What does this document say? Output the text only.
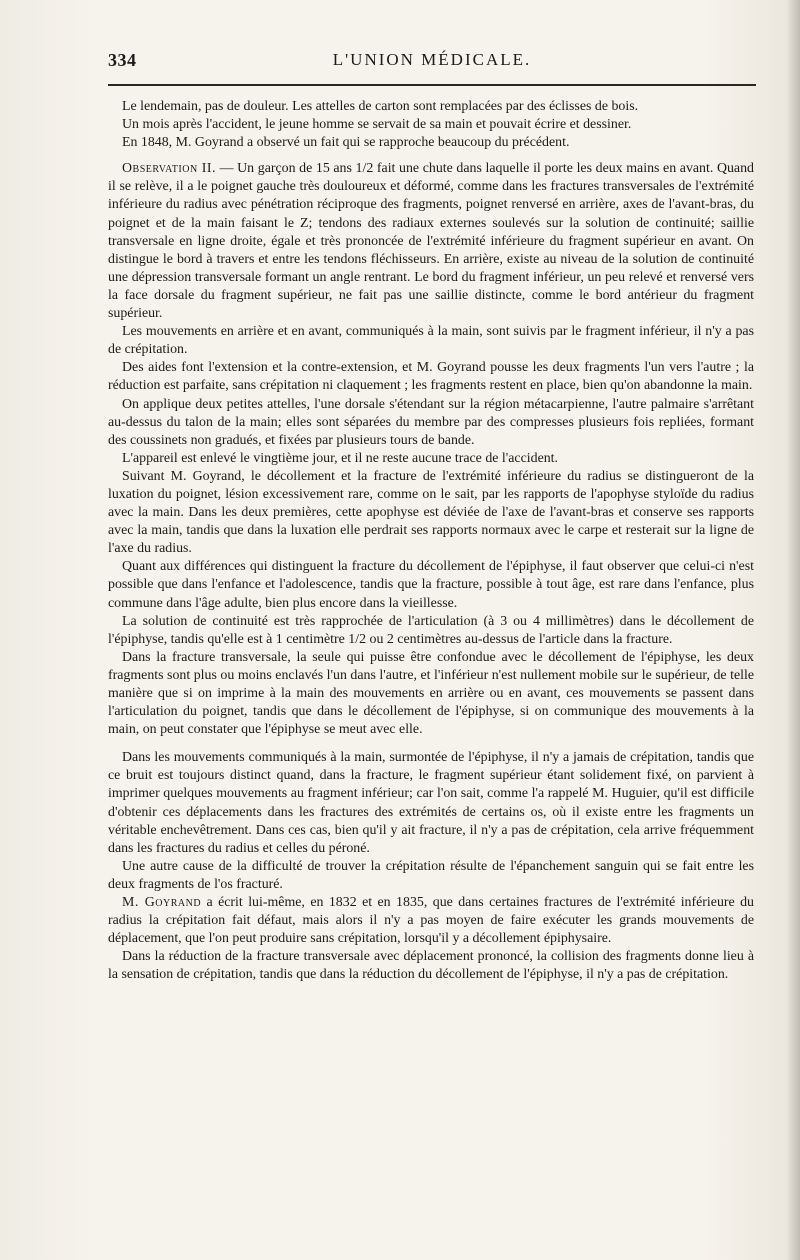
334	L'UNION MÉDICALE.

Le lendemain, pas de douleur. Les attelles de carton sont remplacées par des éclisses de bois.

Un mois après l'accident, le jeune homme se servait de sa main et pouvait écrire et dessiner.

En 1848, M. Goyrand a observé un fait qui se rapproche beaucoup du précédent.

Observation II. — Un garçon de 15 ans 1/2 fait une chute dans laquelle il porte les deux mains en avant. Quand il se relève, il a le poignet gauche très douloureux et déformé, comme dans les fractures transversales de l'extrémité inférieure du radius avec pénétration réciproque des fragments, poignet renversé en arrière, axes de l'avant-bras, du poignet et de la main faisant le Z; tendons des radiaux externes soulevés sur la solution de continuité; saillie transversale en ligne droite, égale et très prononcée de l'extrémité inférieure du fragment supérieur en avant. On distingue le bord à travers et entre les tendons fléchisseurs. En arrière, existe au niveau de la solution de continuité une dépression transversale formant un angle rentrant. Le bord du fragment inférieur, un peu relevé et renversé vers la face dorsale du fragment supérieur, ne fait pas une saillie distincte, comme le bord antérieur du fragment supérieur.

Les mouvements en arrière et en avant, communiqués à la main, sont suivis par le fragment inférieur, il n'y a pas de crépitation.

Des aides font l'extension et la contre-extension, et M. Goyrand pousse les deux fragments l'un vers l'autre ; la réduction est parfaite, sans crépitation ni claquement ; les fragments restent en place, bien qu'on abandonne la main.

On applique deux petites attelles, l'une dorsale s'étendant sur la région métacarpienne, l'autre palmaire s'arrêtant au-dessus du talon de la main; elles sont séparées du membre par des compresses plusieurs fois repliées, formant des coussinets non gradués, et fixées par plusieurs tours de bande.

L'appareil est enlevé le vingtième jour, et il ne reste aucune trace de l'accident.

Suivant M. Goyrand, le décollement et la fracture de l'extrémité inférieure du radius se distingueront de la luxation du poignet, lésion excessivement rare, comme on le sait, par les rapports de l'apophyse styloïde du radius avec la main. Dans les deux premières, cette apophyse est déviée de l'axe de l'avant-bras et conserve ses rapports avec la main, tandis que dans la luxation elle perdrait ses rapports normaux avec le carpe et resterait sur la ligne de l'axe du radius.

Quant aux différences qui distinguent la fracture du décollement de l'épiphyse, il faut observer que celui-ci n'est possible que dans l'enfance et l'adolescence, tandis que la fracture, possible à tout âge, est rare dans l'enfance, plus commune dans l'âge adulte, bien plus encore dans la vieillesse.

La solution de continuité est très rapprochée de l'articulation (à 3 ou 4 millimètres) dans le décollement de l'épiphyse, tandis qu'elle est à 1 centimètre 1/2 ou 2 centimètres au-dessus de l'article dans la fracture.

Dans la fracture transversale, la seule qui puisse être confondue avec le décollement de l'épiphyse, les deux fragments sont plus ou moins enclavés l'un dans l'autre, et l'inférieur n'est nullement mobile sur le supérieur, de telle manière que si on imprime à la main des mouvements en arrière ou en avant, ces mouvements se passent dans l'articulation du poignet, tandis que dans le décollement de l'épiphyse, si on communique des mouvements à la main, on peut constater que l'épiphyse se meut avec elle.

Dans les mouvements communiqués à la main, surmontée de l'épiphyse, il n'y a jamais de crépitation, tandis que ce bruit est toujours distinct quand, dans la fracture, le fragment supérieur étant solidement fixé, on parvient à imprimer quelques mouvements au fragment inférieur; car l'on sait, comme l'a rappelé M. Huguier, qu'il est difficile d'obtenir ces déplacements dans les fractures des extrémités de certains os, où il existe entre les fragments un véritable enchevêtrement. Dans ces cas, bien qu'il y ait fracture, il n'y a pas de crépitation, cela arrive fréquemment dans les fractures du radius et celles du péroné.

Une autre cause de la difficulté de trouver la crépitation résulte de l'épanchement sanguin qui se fait entre les deux fragments de l'os fracturé.

M. Goyrand a écrit lui-même, en 1832 et en 1835, que dans certaines fractures de l'extrémité inférieure du radius la crépitation fait défaut, mais alors il n'y a pas moyen de faire exécuter les grands mouvements de déplacement, que l'on peut produire sans crépitation, lorsqu'il y a décollement épiphysaire.

Dans la réduction de la fracture transversale avec déplacement prononcé, la collision des fragments donne lieu à la sensation de crépitation, tandis que dans la réduction du décollement de l'épiphyse, il n'y a pas de crépitation.
